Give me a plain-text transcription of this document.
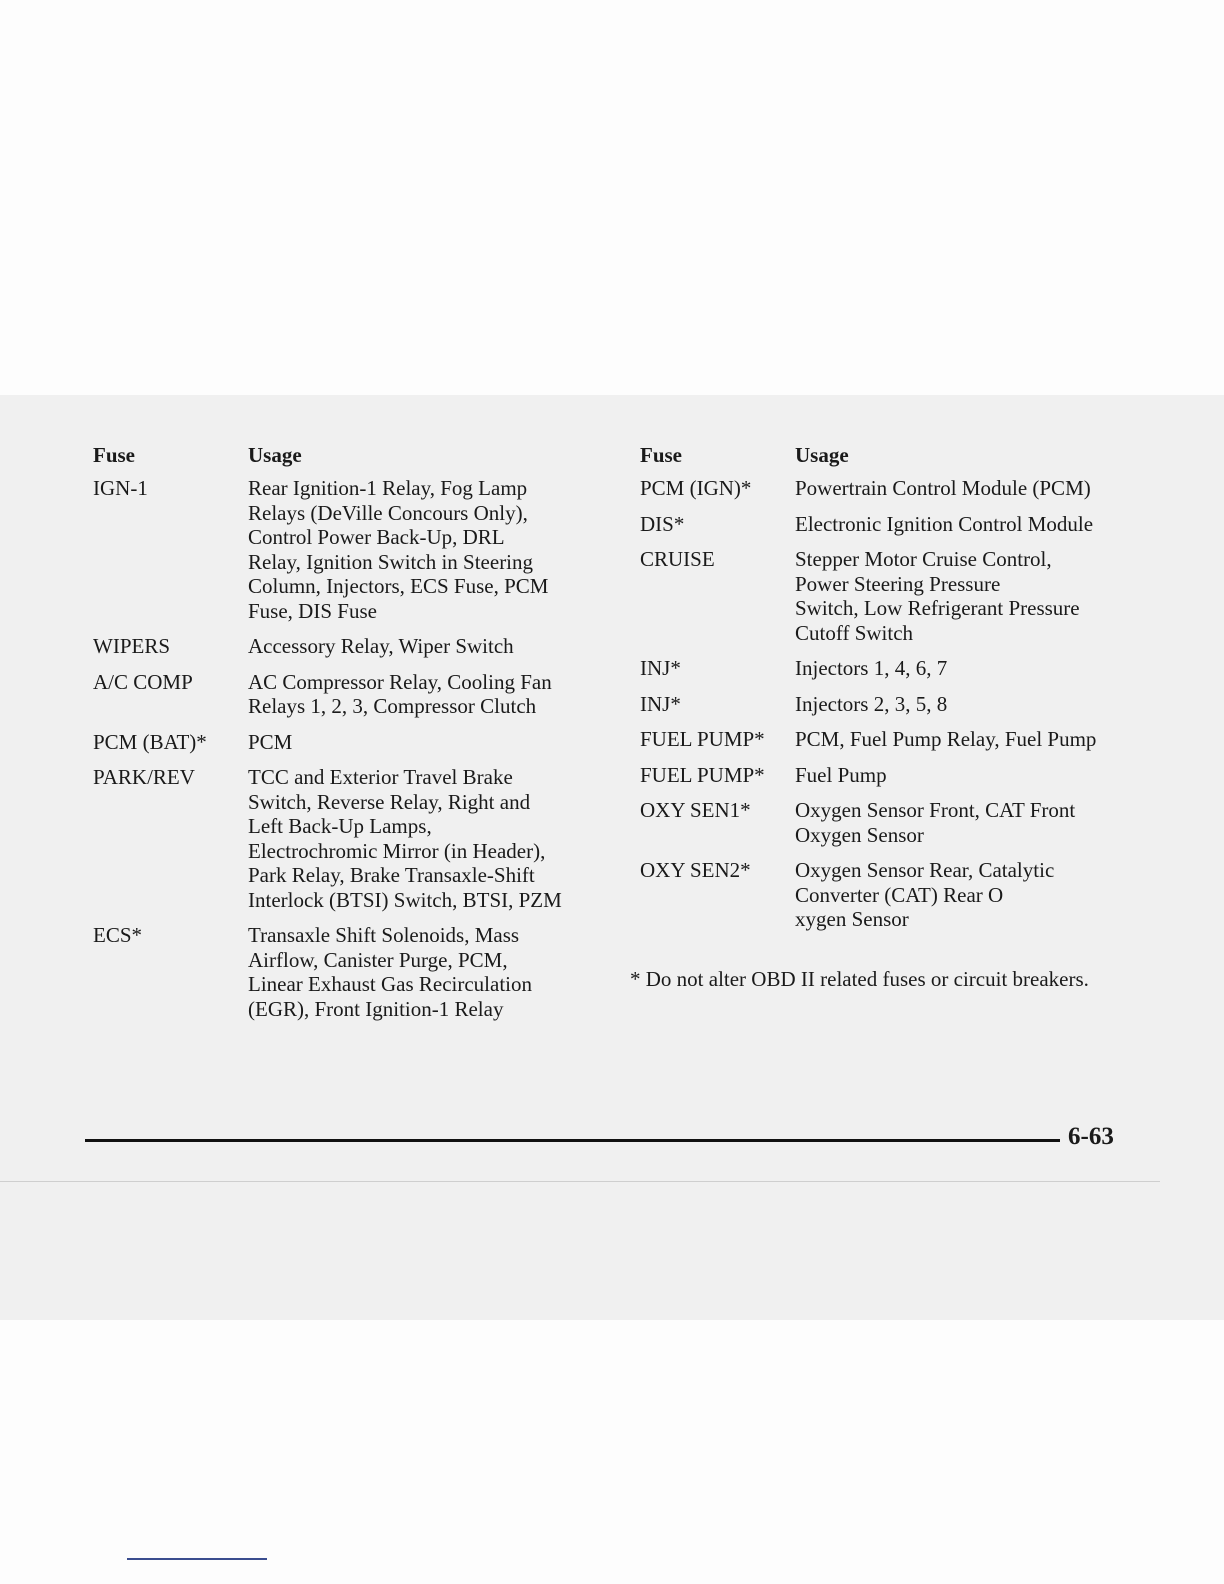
Fuse	Usage
IGN-1	Rear Ignition-1 Relay, Fog Lamp
Relays (DeVille Concours Only),
Control Power Back-Up, DRL
Relay, Ignition Switch in Steering
Column, Injectors, ECS Fuse, PCM
Fuse, DIS Fuse
WIPERS	Accessory Relay, Wiper Switch
A/C COMP	AC Compressor Relay, Cooling Fan
Relays 1, 2, 3, Compressor Clutch
PCM (BAT)*	PCM
PARK/REV	TCC and Exterior Travel Brake
Switch, Reverse Relay, Right and
Left Back-Up Lamps,
Electrochromic Mirror (in Header),
Park Relay, Brake Transaxle-Shift
Interlock (BTSI) Switch, BTSI, PZM
ECS*	Transaxle Shift Solenoids, Mass
Airflow, Canister Purge, PCM,
Linear Exhaust Gas Recirculation
(EGR), Front Ignition-1 Relay
Fuse	Usage
PCM (IGN)*	Powertrain Control Module (PCM)
DIS*	Electronic Ignition Control Module
CRUISE	Stepper Motor Cruise Control,
Power Steering Pressure
Switch, Low Refrigerant Pressure
Cutoff Switch
INJ*	Injectors 1, 4, 6, 7
INJ*	Injectors 2, 3, 5, 8
FUEL PUMP*	PCM, Fuel Pump Relay, Fuel Pump
FUEL PUMP*	Fuel Pump
OXY SEN1*	Oxygen Sensor Front, CAT Front
Oxygen Sensor
OXY SEN2*	Oxygen Sensor Rear, Catalytic
Converter (CAT) Rear O
xygen Sensor
* Do not alter OBD II related fuses or circuit breakers.
6-63
